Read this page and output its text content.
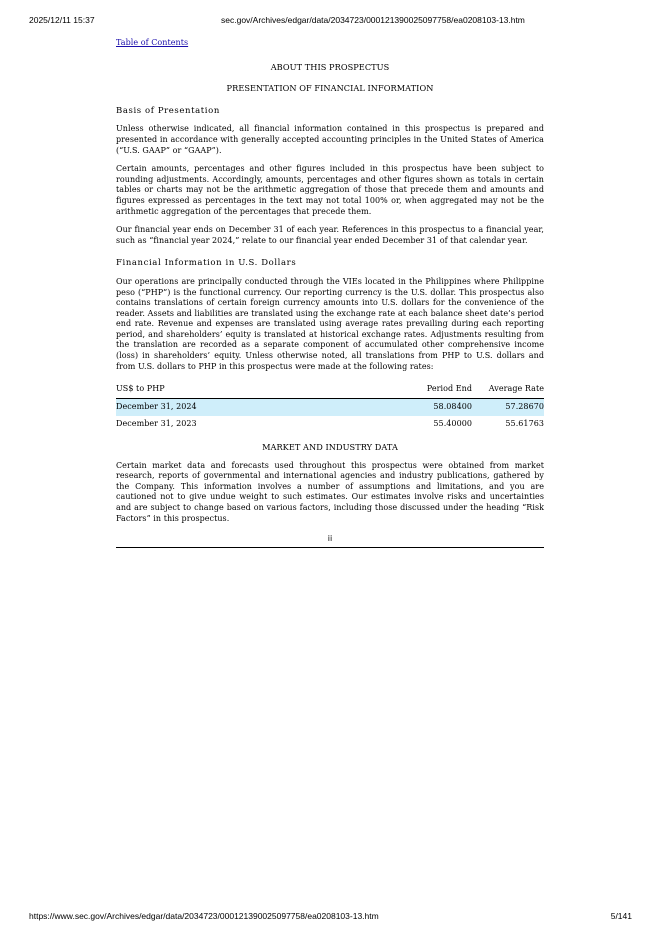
2025/12/11 15:37	sec.gov/Archives/edgar/data/2034723/000121390025097758/ea0208103-13.htm
Table of Contents
ABOUT THIS PROSPECTUS
PRESENTATION OF FINANCIAL INFORMATION
Basis of Presentation

Unless otherwise indicated, all financial information contained in this prospectus is prepared and presented in accordance with generally accepted accounting principles in the United States of America (“U.S. GAAP” or “GAAP”).

Certain amounts, percentages and other figures included in this prospectus have been subject to rounding adjustments. Accordingly, amounts, percentages and other figures shown as totals in certain tables or charts may not be the arithmetic aggregation of those that precede them and amounts and figures expressed as percentages in the text may not total 100% or, when aggregated may not be the arithmetic aggregation of the percentages that precede them.

Our financial year ends on December 31 of each year. References in this prospectus to a financial year, such as “financial year 2024,” relate to our financial year ended December 31 of that calendar year.

Financial Information in U.S. Dollars

Our operations are principally conducted through the VIEs located in the Philippines where Philippine peso (“PHP”) is the functional currency. Our reporting currency is the U.S. dollar. This prospectus also contains translations of certain foreign currency amounts into U.S. dollars for the convenience of the reader. Assets and liabilities are translated using the exchange rate at each balance sheet date’s period end rate. Revenue and expenses are translated using average rates prevailing during each reporting period, and shareholders’ equity is translated at historical exchange rates. Adjustments resulting from the translation are recorded as a separate component of accumulated other comprehensive income (loss) in shareholders’ equity. Unless otherwise noted, all translations from PHP to U.S. dollars and from U.S. dollars to PHP in this prospectus were made at the following rates:

US$ to PHP		Period End		Average Rate
December 31, 2024		58.08400		57.28670
December 31, 2023		55.40000		55.61763
MARKET AND INDUSTRY DATA

Certain market data and forecasts used throughout this prospectus were obtained from market research, reports of governmental and international agencies and industry publications, gathered by the Company. This information involves a number of assumptions and limitations, and you are cautioned not to give undue weight to such estimates. Our estimates involve risks and uncertainties and are subject to change based on various factors, including those discussed under the heading “Risk Factors” in this prospectus.

ii
https://www.sec.gov/Archives/edgar/data/2034723/000121390025097758/ea0208103-13.htm	5/141
